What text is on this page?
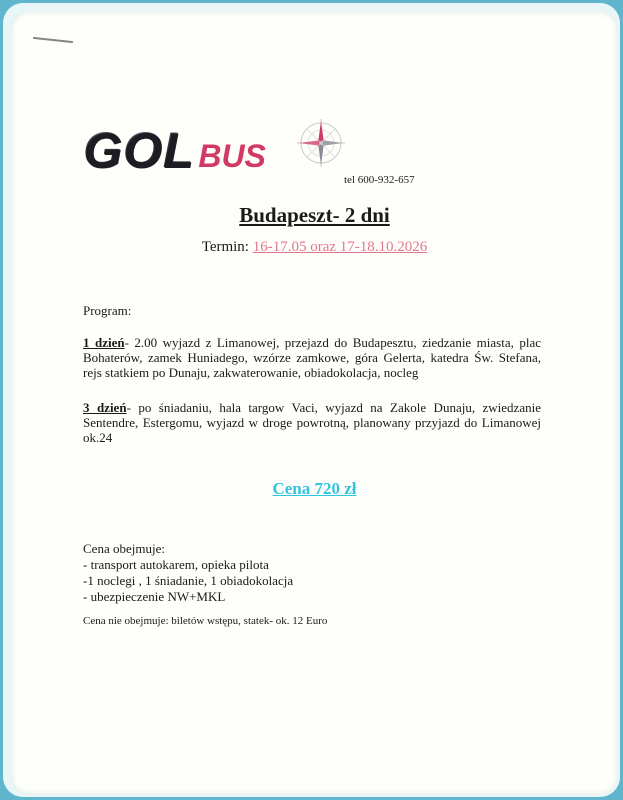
GOL BUS
tel 600-932-657
Budapeszt- 2 dni
Termin: 16-17.05 oraz 17-18.10.2026
Program:
1 dzień- 2.00 wyjazd z Limanowej, przejazd do Budapesztu, ziedzanie miasta, plac Bohaterów, zamek Huniadego, wzórze zamkowe, góra Gelerta, katedra Św. Stefana, rejs statkiem po Dunaju, zakwaterowanie, obiadokolacja, nocleg
3 dzień- po śniadaniu, hala targow Vaci, wyjazd na Zakole Dunaju, zwiedzanie Sentendre, Estergomu, wyjazd w droge powrotną, planowany przyjazd do Limanowej ok.24
Cena 720 zł
Cena obejmuje:
- transport autokarem, opieka pilota
-1 noclegi , 1 śniadanie, 1 obiadokolacja
- ubezpieczenie NW+MKL
Cena nie obejmuje: biletów wstępu, statek- ok. 12 Euro
